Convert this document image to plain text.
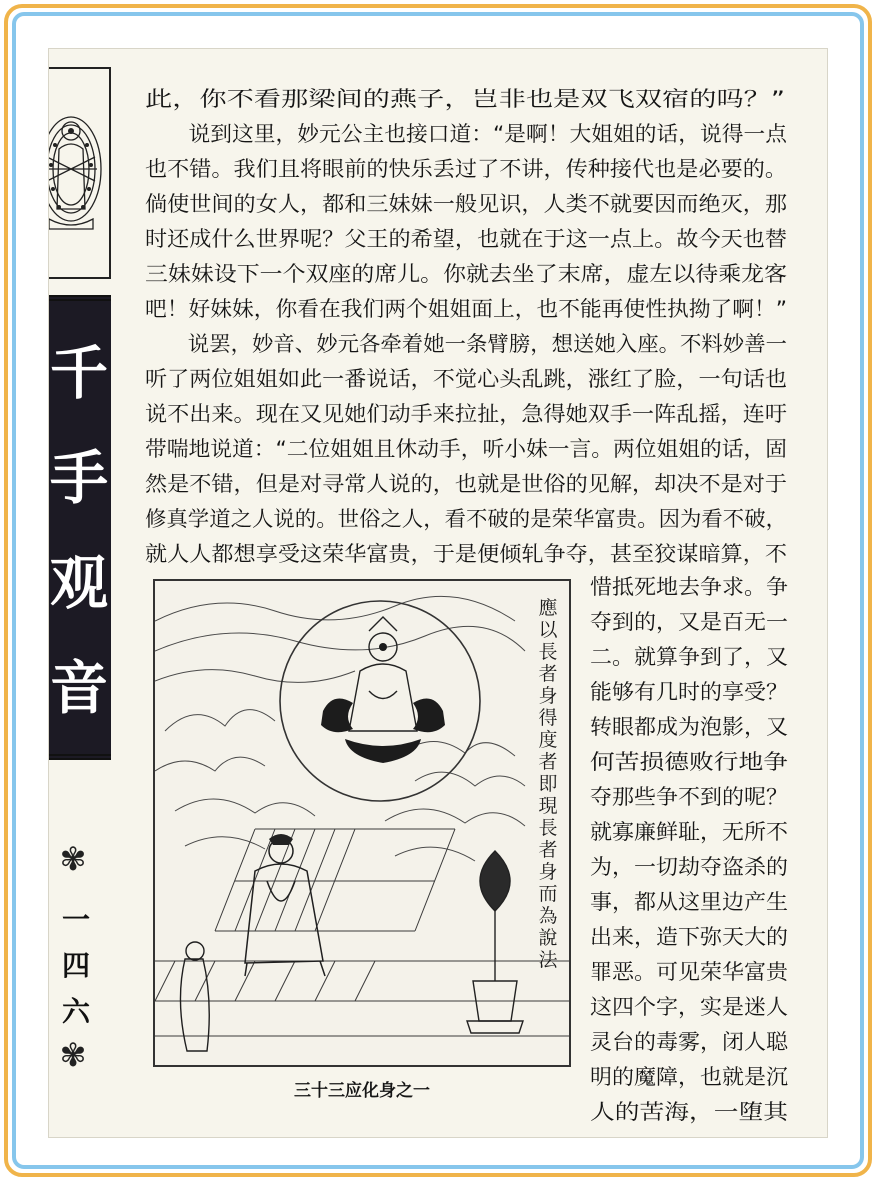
千
手
观
音
✾
一
四
六
✾
此，你不看那梁间的燕子，岂非也是双飞双宿的吗？”
　　说到这里，妙元公主也接口道：“是啊！大姐姐的话，说得一点
也不错。我们且将眼前的快乐丢过了不讲，传种接代也是必要的。
倘使世间的女人，都和三妹妹一般见识，人类不就要因而绝灭，那
时还成什么世界呢？父王的希望，也就在于这一点上。故今天也替
三妹妹设下一个双座的席儿。你就去坐了末席，虚左以待乘龙客
吧！好妹妹，你看在我们两个姐姐面上，也不能再使性执拗了啊！”
　　说罢，妙音、妙元各牵着她一条臂膀，想送她入座。不料妙善一
听了两位姐姐如此一番说话，不觉心头乱跳，涨红了脸，一句话也
说不出来。现在又见她们动手来拉扯，急得她双手一阵乱摇，连吁
带喘地说道：“二位姐姐且休动手，听小妹一言。两位姐姐的话，固
然是不错，但是对寻常人说的，也就是世俗的见解，却决不是对于
修真学道之人说的。世俗之人，看不破的是荣华富贵。因为看不破，
就人人都想享受这荣华富贵，于是便倾轧争夺，甚至狡谋暗算，不
惜抵死地去争求。争
夺到的，又是百无一
二。就算争到了，又
能够有几时的享受？
转眼都成为泡影，又
何苦损德败行地争
夺那些争不到的呢？
就寡廉鲜耻，无所不
为，一切劫夺盗杀的
事，都从这里边产生
出来，造下弥天大的
罪恶。可见荣华富贵
这四个字，实是迷人
灵台的毒雾，闭人聪
明的魔障，也就是沉
人的苦海，一堕其
應以長者身得度者即現長者身而為說法
三十三应化身之一
